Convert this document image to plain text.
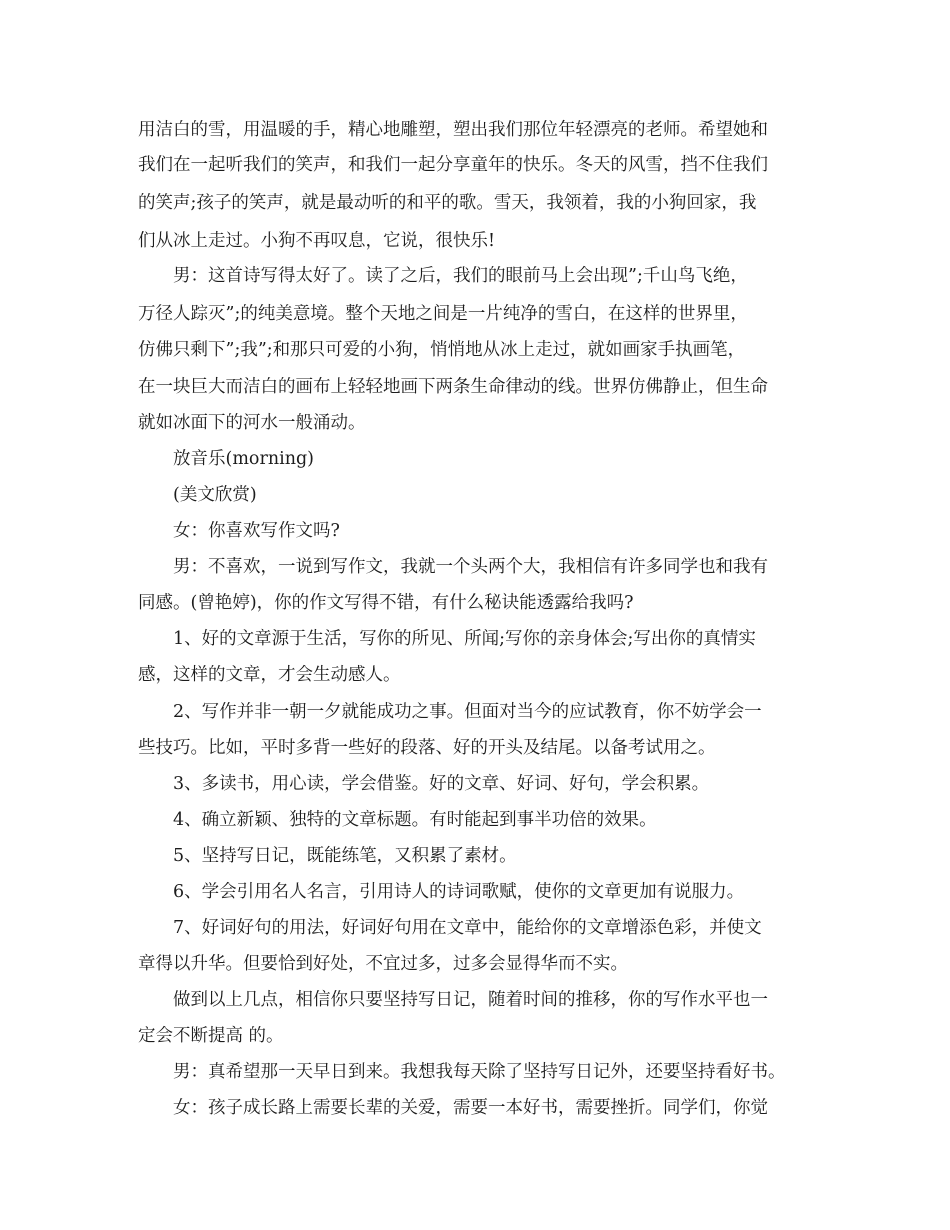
用洁白的雪，用温暖的手，精心地雕塑，塑出我们那位年轻漂亮的老师。希望她和
我们在一起听我们的笑声，和我们一起分享童年的快乐。冬天的风雪，挡不住我们
的笑声;孩子的笑声，就是最动听的和平的歌。雪天，我领着，我的小狗回家，我
们从冰上走过。小狗不再叹息，它说，很快乐!
男：这首诗写得太好了。读了之后，我们的眼前马上会出现”;千山鸟飞绝，
万径人踪灭”;的纯美意境。整个天地之间是一片纯净的雪白，在这样的世界里，
仿佛只剩下”;我”;和那只可爱的小狗，悄悄地从冰上走过，就如画家手执画笔，
在一块巨大而洁白的画布上轻轻地画下两条生命律动的线。世界仿佛静止，但生命
就如冰面下的河水一般涌动。
放音乐(morning)
(美文欣赏)
女：你喜欢写作文吗?
男：不喜欢，一说到写作文，我就一个头两个大，我相信有许多同学也和我有
同感。(曾艳婷)，你的作文写得不错，有什么秘诀能透露给我吗?
1、好的文章源于生活，写你的所见、所闻;写你的亲身体会;写出你的真情实
感，这样的文章，才会生动感人。
2、写作并非一朝一夕就能成功之事。但面对当今的应试教育，你不妨学会一
些技巧。比如，平时多背一些好的段落、好的开头及结尾。以备考试用之。
3、多读书，用心读，学会借鉴。好的文章、好词、好句，学会积累。
4、确立新颖、独特的文章标题。有时能起到事半功倍的效果。
5、坚持写日记，既能练笔，又积累了素材。
6、学会引用名人名言，引用诗人的诗词歌赋，使你的文章更加有说服力。
7、好词好句的用法，好词好句用在文章中，能给你的文章增添色彩，并使文
章得以升华。但要恰到好处，不宜过多，过多会显得华而不实。
做到以上几点，相信你只要坚持写日记，随着时间的推移，你的写作水平也一
定会不断提高 的。
男：真希望那一天早日到来。我想我每天除了坚持写日记外，还要坚持看好书。
女：孩子成长路上需要长辈的关爱，需要一本好书，需要挫折。同学们，你觉
